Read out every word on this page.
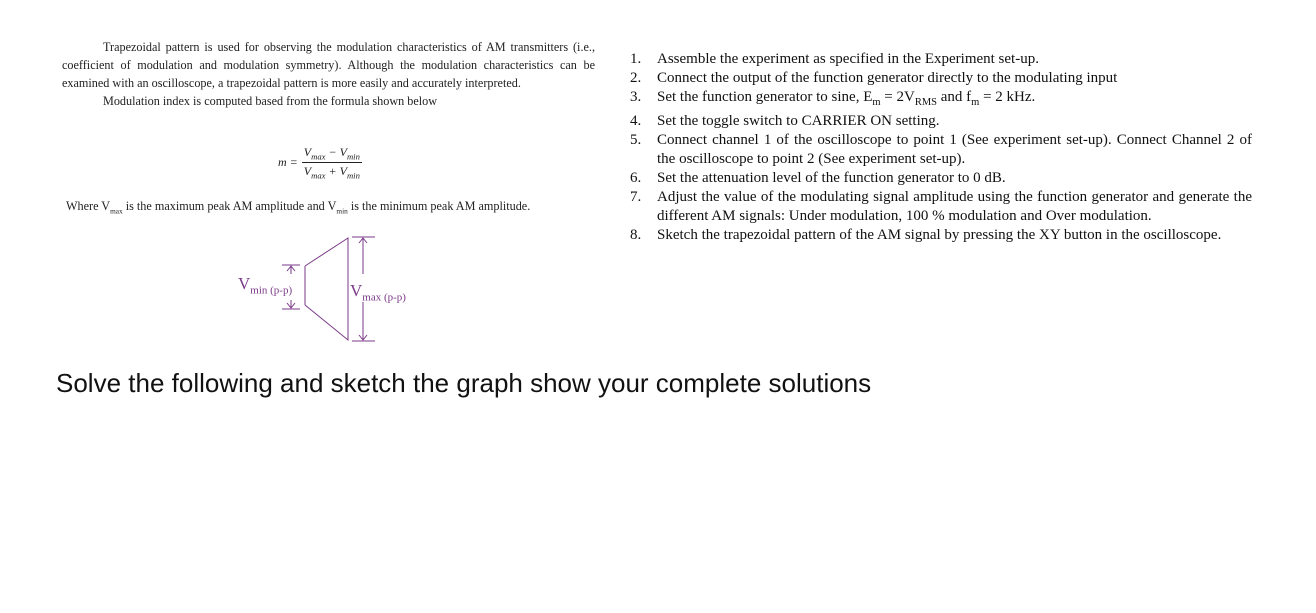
Trapezoidal pattern is used for observing the modulation characteristics of AM transmitters (i.e., coefficient of modulation and modulation symmetry). Although the modulation characteristics can be examined with an oscilloscope, a trapezoidal pattern is more easily and accurately interpreted.

Modulation index is computed based from the formula shown below

$m = \frac{V_{max} - V_{min}}{V_{max} + V_{min}}$
Where $V_{max}$ is the maximum peak AM amplitude and $V_{min}$ is the minimum peak AM amplitude.
$V_{min (p-p)}$	$V_{max (p-p)}$
1.	Assemble the experiment as specified in the Experiment set-up.
2.	Connect the output of the function generator directly to the modulating input
3.	Set the function generator to sine, $E_m = 2V_{RMS}$ and $f_m = 2$ kHz.
4.	Set the toggle switch to CARRIER ON setting.
5.	Connect channel 1 of the oscilloscope to point 1 (See experiment set-up). Connect Channel 2 of the oscilloscope to point 2 (See experiment set-up).
6.	Set the attenuation level of the function generator to 0 dB.
7.	Adjust the value of the modulating signal amplitude using the function generator and generate the different AM signals: Under modulation, 100 % modulation and Over modulation.
8.	Sketch the trapezoidal pattern of the AM signal by pressing the XY button in the oscilloscope.
Solve the following and sketch the graph show your complete solutions
